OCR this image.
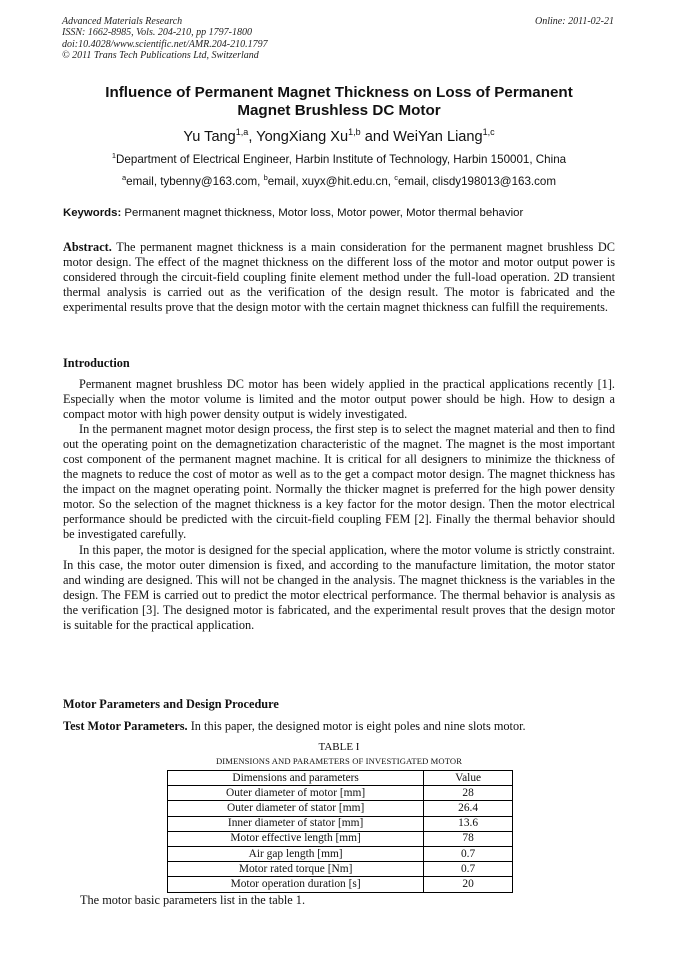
Advanced Materials Research
ISSN: 1662-8985, Vols. 204-210, pp 1797-1800
doi:10.4028/www.scientific.net/AMR.204-210.1797
© 2011 Trans Tech Publications Ltd, Switzerland
Online: 2011-02-21
Influence of Permanent Magnet Thickness on Loss of Permanent
Magnet Brushless DC Motor
Yu Tang$^{1,a}$, YongXiang Xu$^{1,b}$ and WeiYan Liang$^{1,c}$
$^1$Department of Electrical Engineer, Harbin Institute of Technology, Harbin 150001, China
$^a$email, tybenny@163.com, $^b$email, xuyx@hit.edu.cn, $^c$email, clisdy198013@163.com
Keywords: Permanent magnet thickness, Motor loss, Motor power, Motor thermal behavior
Abstract. The permanent magnet thickness is a main consideration for the permanent magnet brushless DC motor design. The effect of the magnet thickness on the different loss of the motor and motor output power is considered through the circuit-field coupling finite element method under the full-load operation. 2D transient thermal analysis is carried out as the verification of the design result. The motor is fabricated and the experimental results prove that the design motor with the certain magnet thickness can fulfill the requirements.
Introduction
Permanent magnet brushless DC motor has been widely applied in the practical applications recently [1]. Especially when the motor volume is limited and the motor output power should be high. How to design a compact motor with high power density output is widely investigated.
In the permanent magnet motor design process, the first step is to select the magnet material and then to find out the operating point on the demagnetization characteristic of the magnet. The magnet is the most important cost component of the permanent magnet machine. It is critical for all designers to minimize the thickness of the magnets to reduce the cost of motor as well as to the get a compact motor design. The magnet thickness has the impact on the magnet operating point. Normally the thicker magnet is preferred for the high power density motor. So the selection of the magnet thickness is a key factor for the motor design. Then the motor electrical performance should be predicted with the circuit-field coupling FEM [2]. Finally the thermal behavior should be investigated carefully.
In this paper, the motor is designed for the special application, where the motor volume is strictly constraint. In this case, the motor outer dimension is fixed, and according to the manufacture limitation, the motor stator and winding are designed. This will not be changed in the analysis. The magnet thickness is the variables in the design. The FEM is carried out to predict the motor electrical performance. The thermal behavior is analysis as the verification [3]. The designed motor is fabricated, and the experimental result proves that the design motor is suitable for the practical application.
Motor Parameters and Design Procedure
Test Motor Parameters. In this paper, the designed motor is eight poles and nine slots motor.
TABLE I
DIMENSIONS AND PARAMETERS OF INVESTIGATED MOTOR
Dimensions and parameters	Value
Outer diameter of motor [mm]	28
Outer diameter of stator [mm]	26.4
Inner diameter of stator [mm]	13.6
Motor effective length [mm]	78
Air gap length [mm]	0.7
Motor rated torque [Nm]	0.7
Motor operation duration [s]	20
The motor basic parameters list in the table 1.
